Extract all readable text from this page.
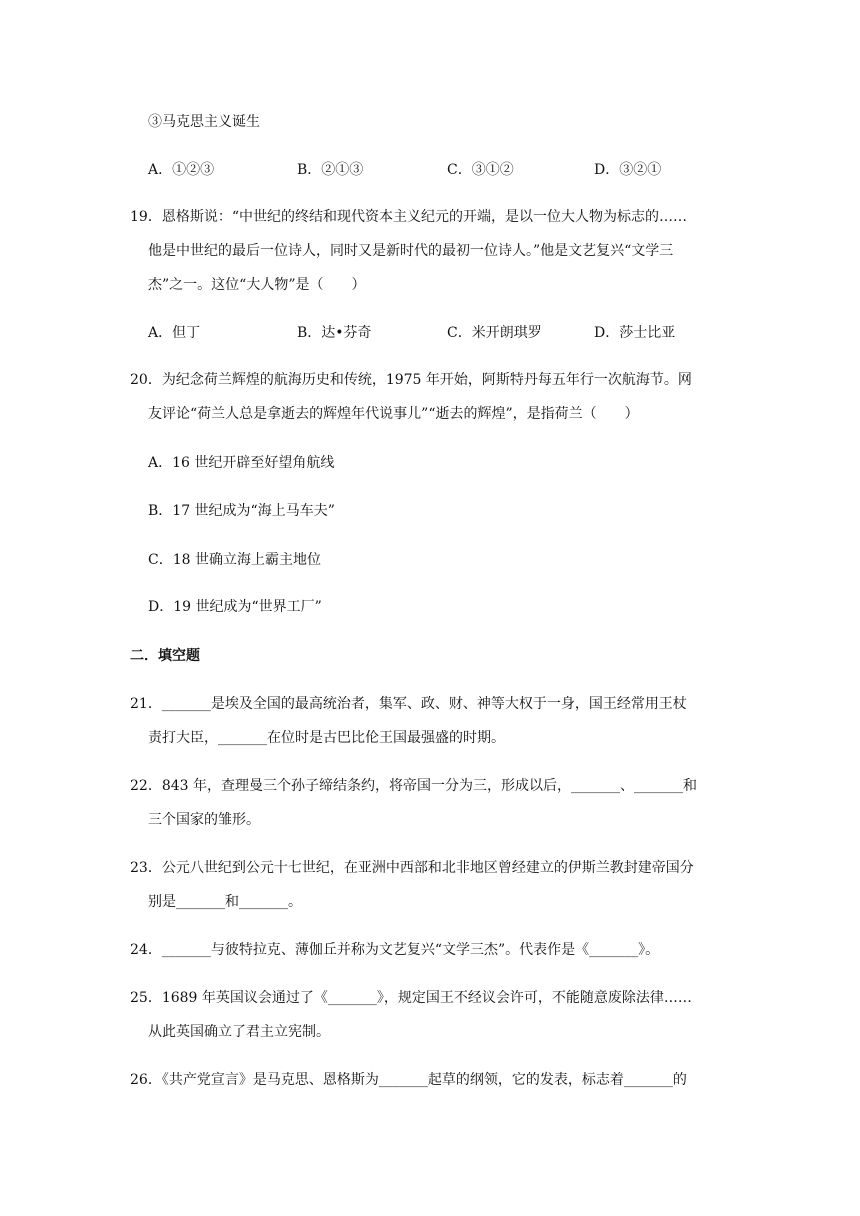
③马克思主义诞生
A．①②③	B．②①③	C．③①②	D．③②①
19．恩格斯说：“中世纪的终结和现代资本主义纪元的开端，是以一位大人物为标志的……
他是中世纪的最后一位诗人，同时又是新时代的最初一位诗人。”他是文艺复兴“文学三
杰”之一。这位“大人物”是（　　）
A．但丁	B．达•芬奇	C．米开朗琪罗	D．莎士比亚
20．为纪念荷兰辉煌的航海历史和传统，1975 年开始，阿斯特丹每五年行一次航海节。网
友评论“荷兰人总是拿逝去的辉煌年代说事儿”“逝去的辉煌”，是指荷兰（　　）
A．16 世纪开辟至好望角航线
B．17 世纪成为“海上马车夫”
C．18 世确立海上霸主地位
D．19 世纪成为“世界工厂”
二．填空题
21．_______是埃及全国的最高统治者，集军、政、财、神等大权于一身，国王经常用王杖
责打大臣，_______在位时是古巴比伦王国最强盛的时期。
22．843 年，查理曼三个孙子缔结条约，将帝国一分为三，形成以后，_______、_______和
三个国家的雏形。
23．公元八世纪到公元十七世纪，在亚洲中西部和北非地区曾经建立的伊斯兰教封建帝国分
别是_______和_______。
24．_______与彼特拉克、薄伽丘并称为文艺复兴“文学三杰”。代表作是《_______》。
25．1689 年英国议会通过了《_______》，规定国王不经议会许可，不能随意废除法律……
从此英国确立了君主立宪制。
26．《共产党宣言》是马克思、恩格斯为_______起草的纲领，它的发表，标志着_______的
